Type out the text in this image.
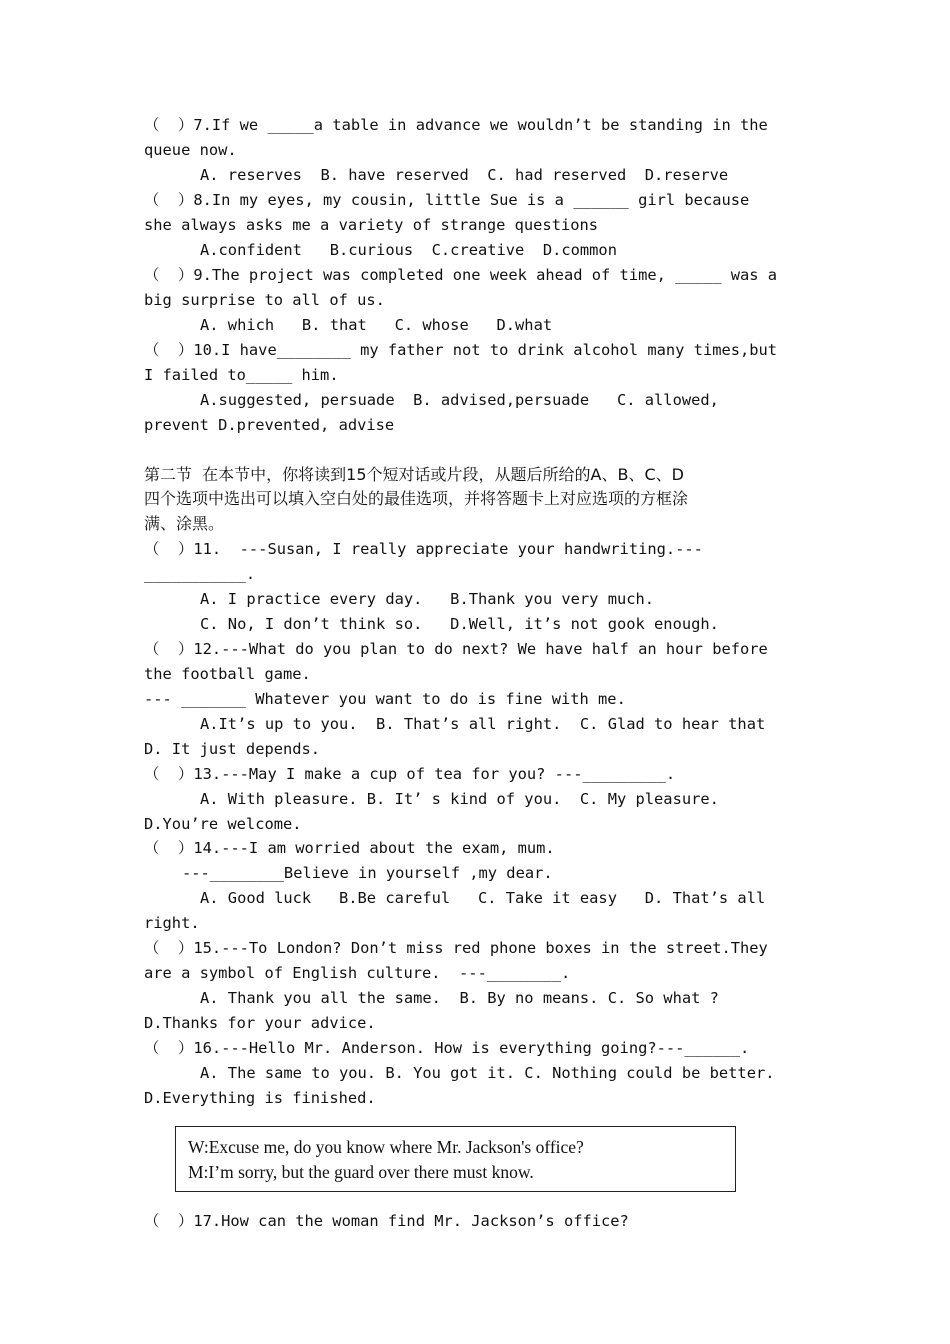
（  ）7.If we _____a table in advance we wouldn’t be standing in the

queue now.

A. reserves  B. have reserved  C. had reserved  D.reserve

（  ）8.In my eyes, my cousin, little Sue is a ______ girl because

she always asks me a variety of strange questions

A.confident   B.curious  C.creative  D.common

（  ）9.The project was completed one week ahead of time, _____ was a

big surprise to all of us.

A. which   B. that   C. whose   D.what

（  ）10.I have________ my father not to drink alcohol many times,but

I failed to_____ him.

A.suggested, persuade  B. advised,persuade   C. allowed,

prevent D.prevented, advise

第二节  在本节中，你将读到15个短对话或片段，从题后所给的A、B、C、D

四个选项中选出可以填入空白处的最佳选项，并将答题卡上对应选项的方框涂

满、涂黑。

（  ）11.  ---Susan, I really appreciate your handwriting.---

___________.

A. I practice every day.   B.Thank you very much.

C. No, I don’t think so.   D.Well, it’s not gook enough.

（  ）12.---What do you plan to do next? We have half an hour before

the football game.

--- _______ Whatever you want to do is fine with me.

A.It’s up to you.  B. That’s all right.  C. Glad to hear that

D. It just depends.

（  ）13.---May I make a cup of tea for you? ---_________.

A. With pleasure. B. It’ s kind of you.  C. My pleasure.

D.You’re welcome.

（  ）14.---I am worried about the exam, mum.

---________Believe in yourself ,my dear.

A. Good luck   B.Be careful   C. Take it easy   D. That’s all

right.

（  ）15.---To London? Don’t miss red phone boxes in the street.They

are a symbol of English culture.  ---________.

A. Thank you all the same.  B. By no means. C. So what ?

D.Thanks for your advice.

（  ）16.---Hello Mr. Anderson. How is everything going?---______.

A. The same to you. B. You got it. C. Nothing could be better.

D.Everything is finished.

W:Excuse me, do you know where Mr. Jackson's office?

M:I’m sorry, but the guard over there must know.

（  ）17.How can the woman find Mr. Jackson’s office?
